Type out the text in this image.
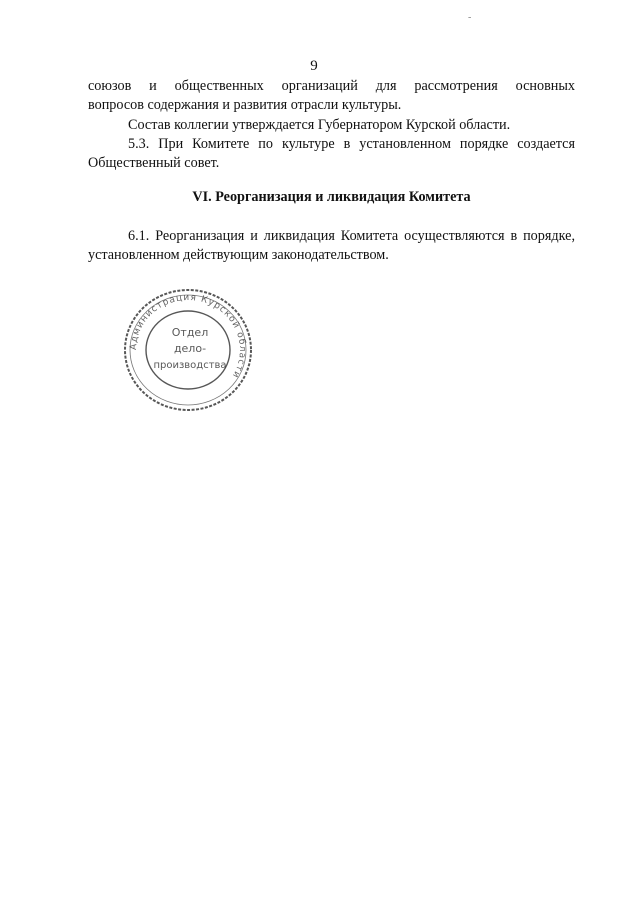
-
9
союзов и общественных организаций для рассмотрения основных
вопросов содержания и развития отрасли культуры.
Состав коллегии утверждается Губернатором Курской области.
5.3. При Комитете по культуре в установленном порядке создается Общественный совет.
VI. Реорганизация и ликвидация Комитета
6.1. Реорганизация и ликвидация Комитета осуществляются в порядке, установленном действующим законодательством.
Администрация Курской области
Отдел
дело-
производства
